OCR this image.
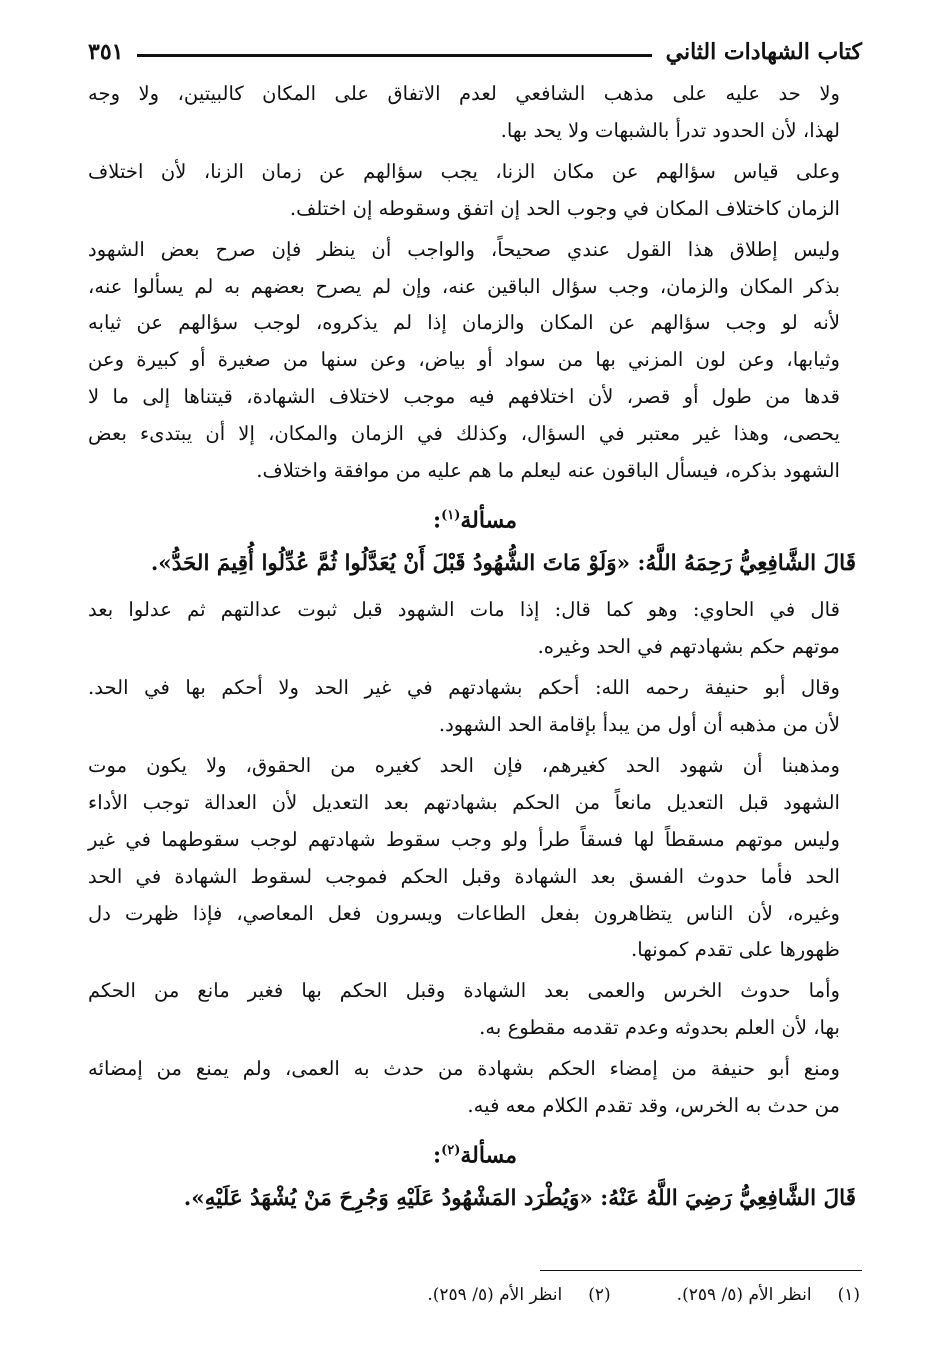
كتاب الشهادات الثاني
٣٥١

ولا حد عليه على مذهب الشافعي لعدم الاتفاق على المكان كالبيتين، ولا وجه
لهذا، لأن الحدود تدرأ بالشبهات ولا يحد بها.

وعلى قياس سؤالهم عن مكان الزنا، يجب سؤالهم عن زمان الزنا، لأن اختلاف
الزمان كاختلاف المكان في وجوب الحد إن اتفق وسقوطه إن اختلف.

وليس إطلاق هذا القول عندي صحيحاً، والواجب أن ينظر فإن صرح بعض الشهود
بذكر المكان والزمان، وجب سؤال الباقين عنه، وإن لم يصرح بعضهم به لم يسألوا عنه،
لأنه لو وجب سؤالهم عن المكان والزمان إذا لم يذكروه، لوجب سؤالهم عن ثيابه
وثيابها، وعن لون المزني بها من سواد أو بياض، وعن سنها من صغيرة أو كبيرة وعن
قدها من طول أو قصر، لأن اختلافهم فيه موجب لاختلاف الشهادة، قيتناها إلى ما لا
يحصى، وهذا غير معتبر في السؤال، وكذلك في الزمان والمكان، إلا أن يبتدىء بعض
الشهود بذكره، فيسأل الباقون عنه ليعلم ما هم عليه من موافقة واختلاف.

مسألة$^{(١)}$:
قَالَ الشَّافِعِيُّ رَحِمَهُ اللَّهُ: «وَلَوْ مَاتَ الشُّهُودُ قَبْلَ أَنْ يُعَدَّلُوا ثُمَّ عُدِّلُوا أُقِيمَ الحَدُّ».

قال في الحاوي: وهو كما قال: إذا مات الشهود قبل ثبوت عدالتهم ثم عدلوا بعد
موتهم حكم بشهادتهم في الحد وغيره.

وقال أبو حنيفة رحمه الله: أحكم بشهادتهم في غير الحد ولا أحكم بها في الحد.
لأن من مذهبه أن أول من يبدأ بإقامة الحد الشهود.

ومذهبنا أن شهود الحد كغيرهم، فإن الحد كغيره من الحقوق، ولا يكون موت
الشهود قبل التعديل مانعاً من الحكم بشهادتهم بعد التعديل لأن العدالة توجب الأداء
وليس موتهم مسقطاً لها فسقاً طرأ ولو وجب سقوط شهادتهم لوجب سقوطهما في غير
الحد فأما حدوث الفسق بعد الشهادة وقبل الحكم فموجب لسقوط الشهادة في الحد
وغيره، لأن الناس يتظاهرون بفعل الطاعات ويسرون فعل المعاصي، فإذا ظهرت دل
ظهورها على تقدم كمونها.

وأما حدوث الخرس والعمى بعد الشهادة وقبل الحكم بها فغير مانع من الحكم
بها، لأن العلم بحدوثه وعدم تقدمه مقطوع به.

ومنع أبو حنيفة من إمضاء الحكم بشهادة من حدث به العمى، ولم يمنع من إمضائه
من حدث به الخرس، وقد تقدم الكلام معه فيه.

مسألة$^{(٢)}$:
قَالَ الشَّافِعِيُّ رَضِيَ اللَّهُ عَنْهُ: «وَيُطْرَد المَشْهُودُ عَلَيْهِ وَجُرِحَ مَنْ يُشْهَدُ عَلَيْهِ».
(١)انظر الأم (٥/ ٢٥٩).
(٢)انظر الأم (٥/ ٢٥٩).
